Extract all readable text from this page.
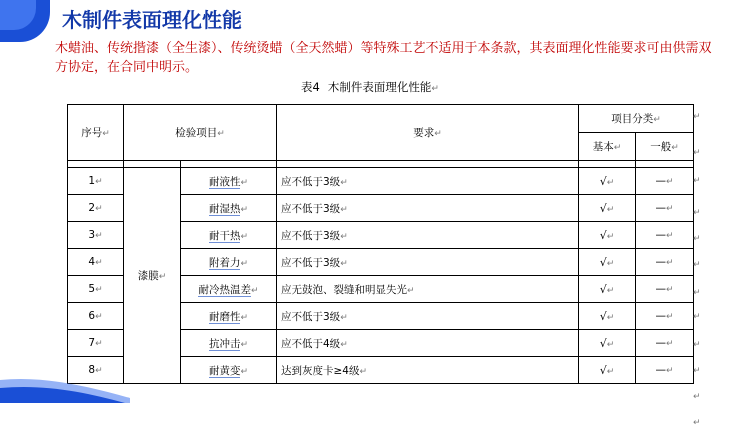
木制件表面理化性能
木蜡油、传统揩漆（全生漆）、传统烫蜡（全天然蜡）等特殊工艺不适用于本条款，其表面理化性能要求可由供需双方协定，在合同中明示。
表4 木制件表面理化性能↵
序号↵	检验项目↵		要求↵	项目分类↵	
				基本↵	一般↵

1↵	漆膜↵	耐液性↵	应不低于3级↵	√↵	—↵
2↵		耐湿热↵	应不低于3级↵	√↵	—↵
3↵		耐干热↵	应不低于3级↵	√↵	—↵
4↵		附着力↵	应不低于3级↵	√↵	—↵
5↵		耐冷热温差↵	应无鼓泡、裂缝和明显失光↵	√↵	—↵
6↵		耐磨性↵	应不低于3级↵	√↵	—↵
7↵		抗冲击↵	应不低于4级↵	√↵	—↵
8↵		耐黄变↵	达到灰度卡≥4级↵	√↵	—↵
↵
↵
↵
↵
↵
↵
↵
↵
↵
↵
↵
↵
